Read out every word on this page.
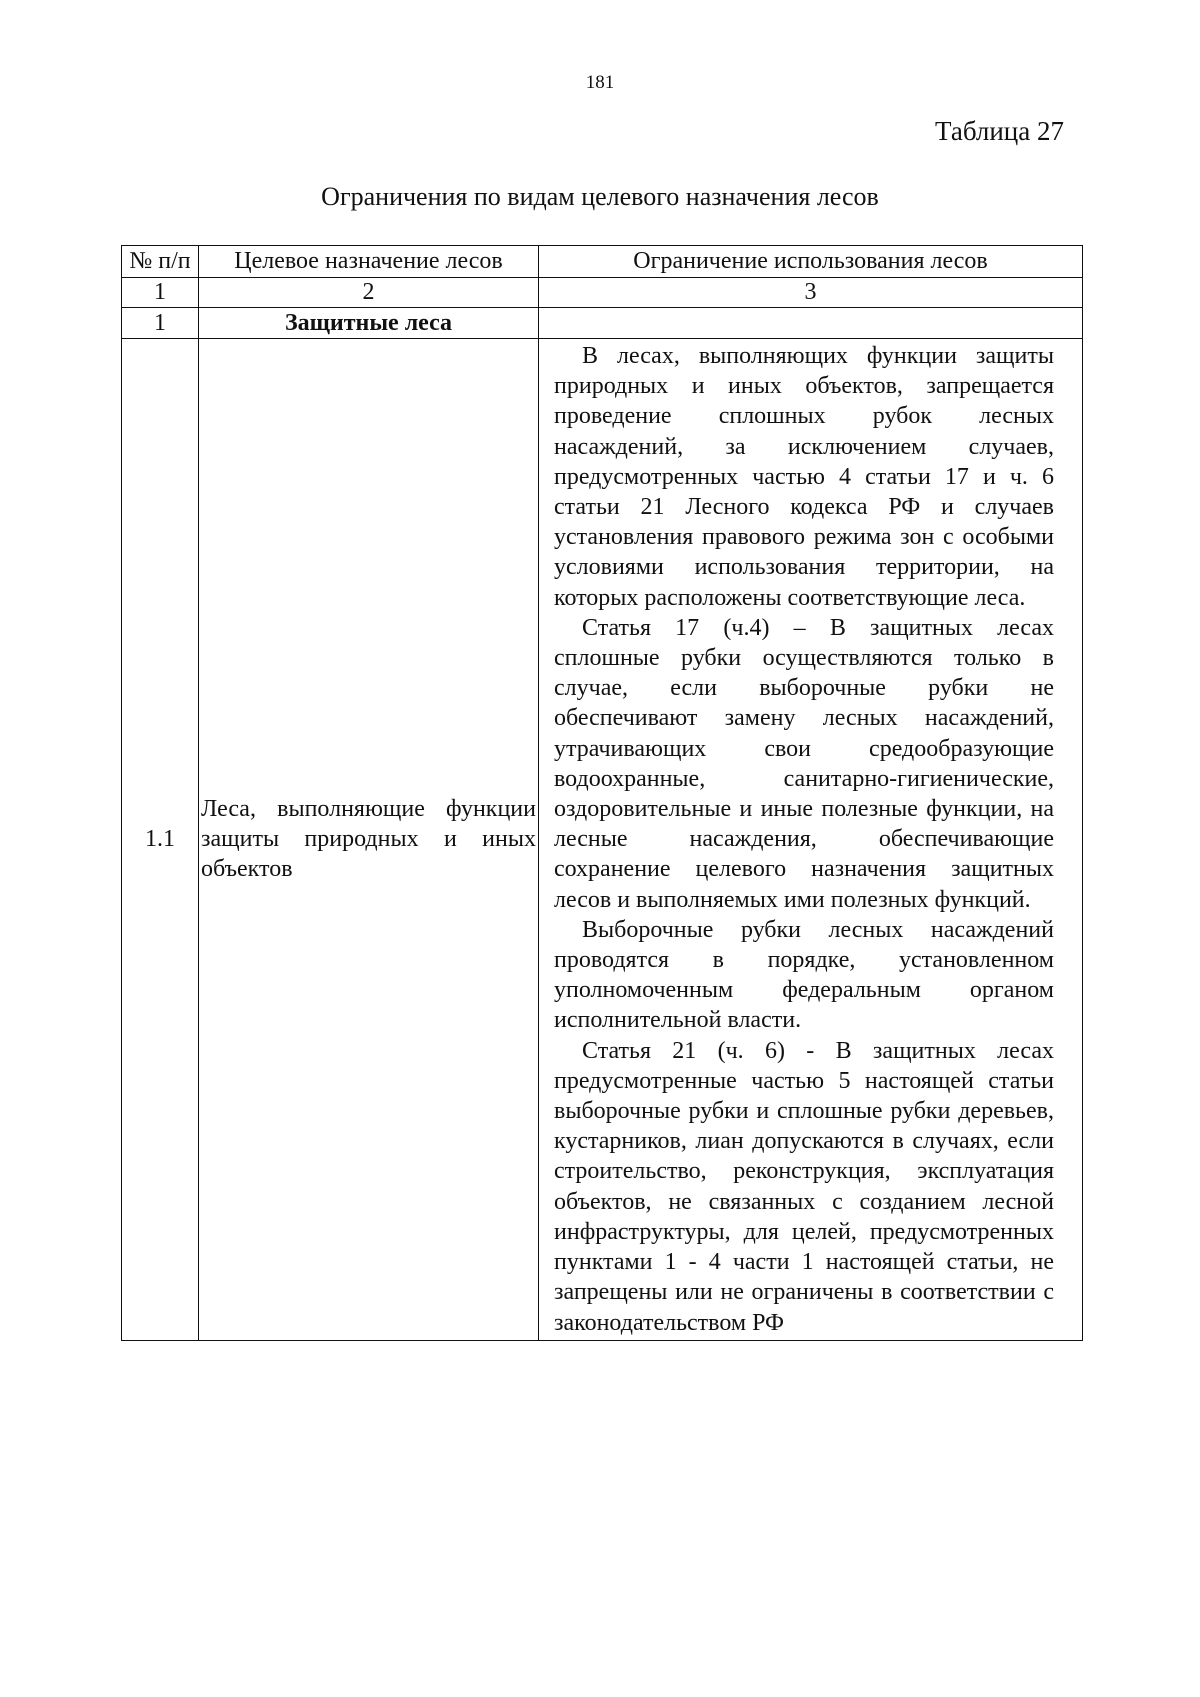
181
Таблица 27
Ограничения по видам целевого назначения лесов
№ п/п	Целевое назначение лесов	Ограничение использования лесов
1	2	3
1	Защитные леса	
1.1	Леса, выполняющие функции защиты природных и иных объектов	В лесах, выполняющих функции защиты природных и иных объектов, запрещается проведение сплошных рубок лесных насаждений, за исключением случаев, предусмотренных частью 4 статьи 17 и ч. 6 статьи 21 Лесного кодекса РФ и случаев установления правового режима зон с особыми условиями использования территории, на которых расположены соответствующие леса.

Статья 17 (ч.4) – В защитных лесах сплошные рубки осуществляются только в случае, если выборочные рубки не обеспечивают замену лесных насаждений, утрачивающих свои средообразующие водоохранные, санитарно-гигиенические, оздоровительные и иные полезные функции, на лесные насаждения, обеспечивающие сохранение целевого назначения защитных лесов и выполняемых ими полезных функций.

Выборочные рубки лесных насаждений проводятся в порядке, установленном уполномоченным федеральным органом исполнительной власти.

Статья 21 (ч. 6) - В защитных лесах предусмотренные частью 5 настоящей статьи выборочные рубки и сплошные рубки деревьев, кустарников, лиан допускаются в случаях, если строительство, реконструкция, эксплуатация объектов, не связанных с созданием лесной инфраструктуры, для целей, предусмотренных пунктами 1 - 4 части 1 настоящей статьи, не запрещены или не ограничены в соответствии с законодательством РФ
